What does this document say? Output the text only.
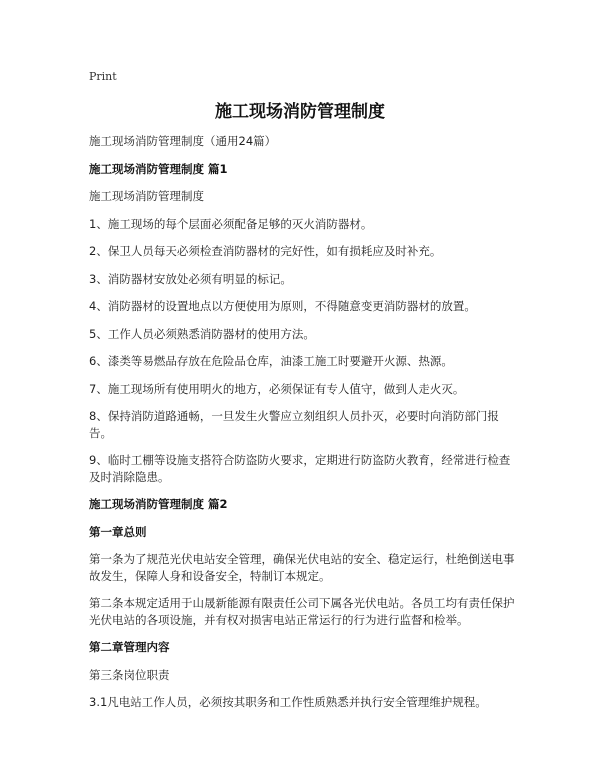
Print
施工现场消防管理制度

施工现场消防管理制度（通用24篇）

施工现场消防管理制度 篇1

施工现场消防管理制度

1、施工现场的每个层面必须配备足够的灭火消防器材。

2、保卫人员每天必须检查消防器材的完好性，如有损耗应及时补充。

3、消防器材安放处必须有明显的标记。

4、消防器材的设置地点以方便使用为原则，不得随意变更消防器材的放置。

5、工作人员必须熟悉消防器材的使用方法。

6、漆类等易燃品存放在危险品仓库，油漆工施工时要避开火源、热源。

7、施工现场所有使用明火的地方，必须保证有专人值守，做到人走火灭。

8、保持消防道路通畅，一旦发生火警应立刻组织人员扑灭，必要时向消防部门报告。

9、临时工棚等设施支搭符合防盗防火要求，定期进行防盗防火教育，经常进行检查及时消除隐患。

施工现场消防管理制度 篇2

第一章总则

第一条为了规范光伏电站安全管理，确保光伏电站的安全、稳定运行，杜绝倒送电事故发生，保障人身和设备安全，特制订本规定。

第二条本规定适用于山晟新能源有限责任公司下属各光伏电站。各员工均有责任保护光伏电站的各项设施，并有权对损害电站正常运行的行为进行监督和检举。

第二章管理内容

第三条岗位职责

3.1凡电站工作人员，必须按其职务和工作性质熟悉并执行安全管理维护规程。
